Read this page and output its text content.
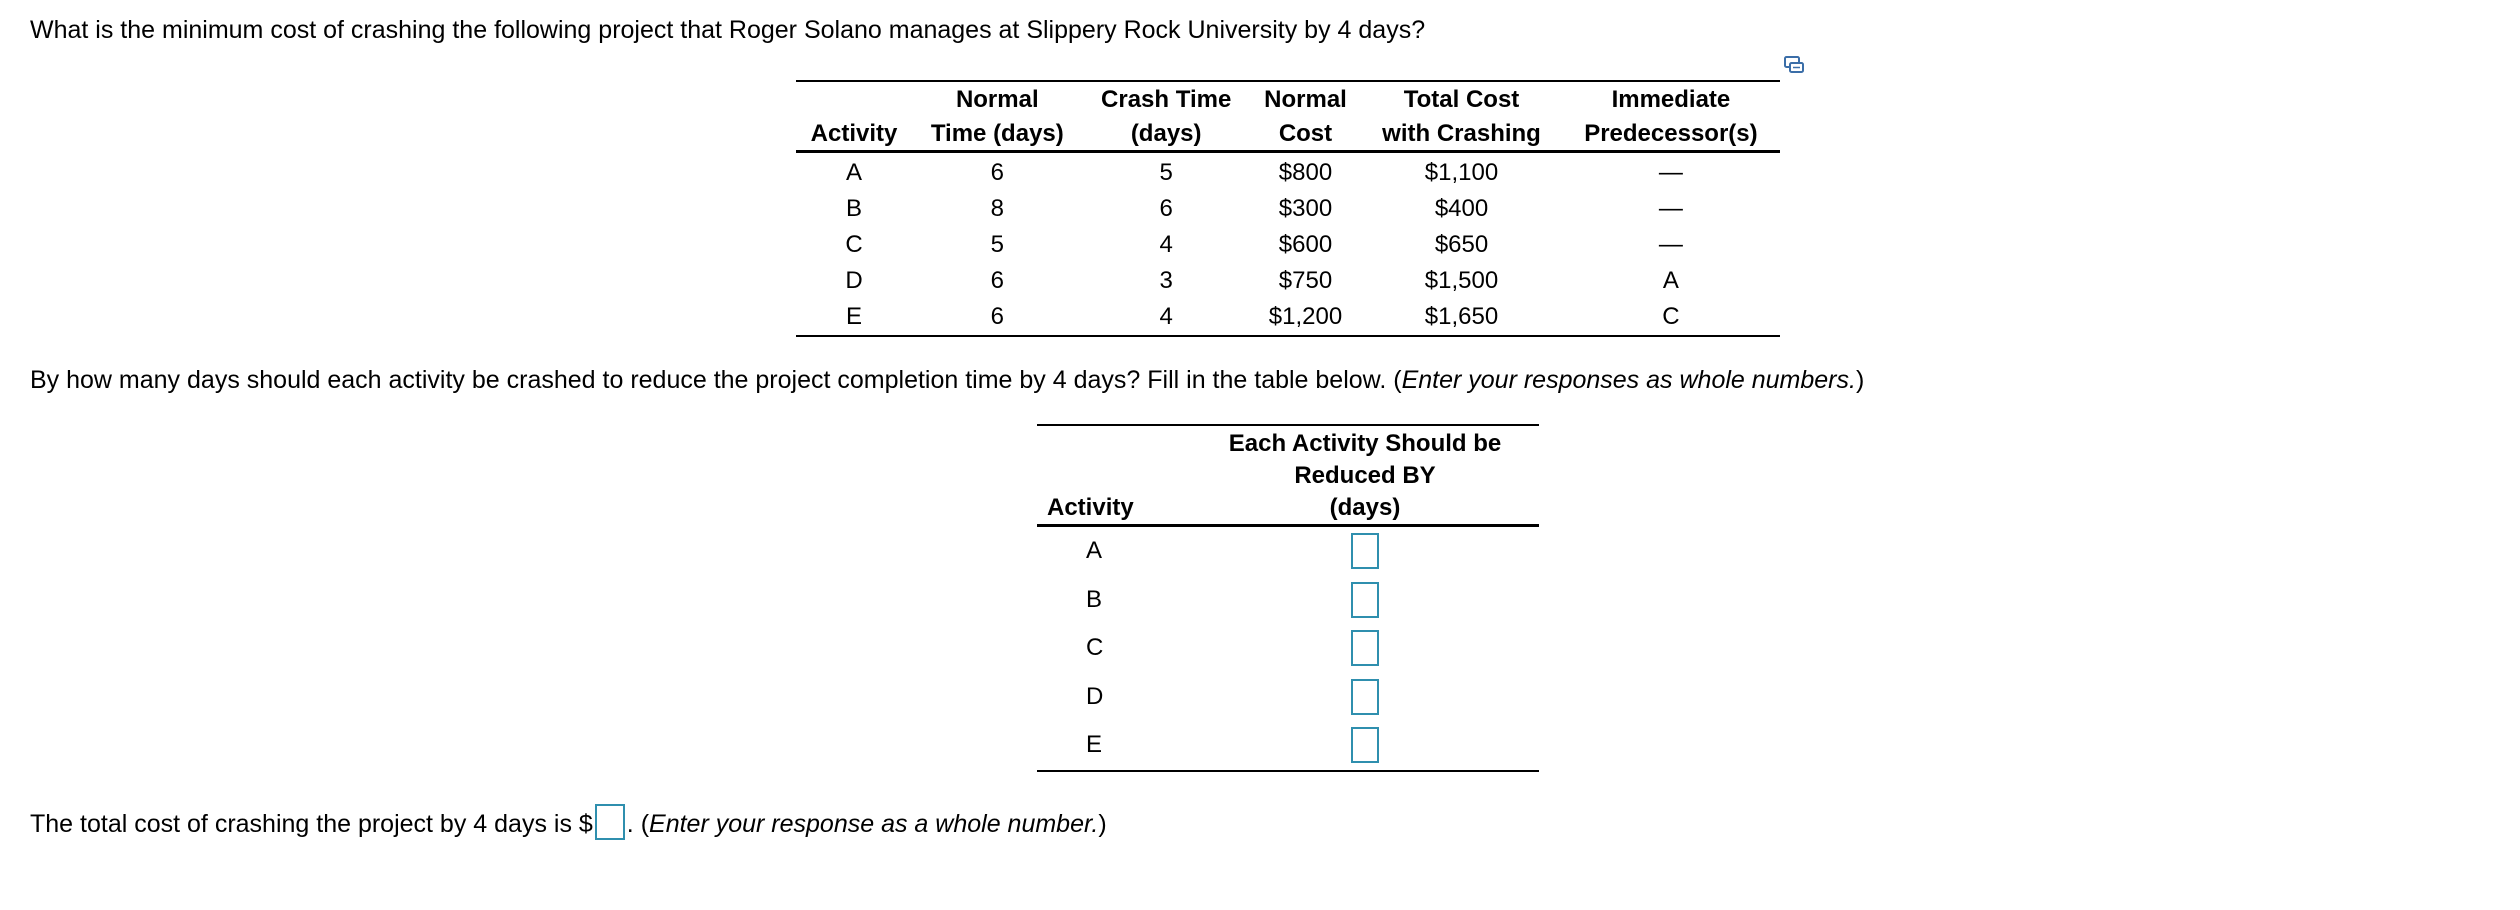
What is the minimum cost of crashing the following project that Roger Solano manages at Slippery Rock University by 4 days?
	Normal	Crash Time	Normal	Total Cost	Immediate
Activity	Time (days)	(days)	Cost	with Crashing	Predecessor(s)
A	6	5	$800	$1,100	—
B	8	6	$300	$400	—
C	5	4	$600	$650	—
D	6	3	$750	$1,500	A
E	6	4	$1,200	$1,650	C
By how many days should each activity be crashed to reduce the project completion time by 4 days? Fill in the table below. (Enter your responses as whole numbers.)
Activity	Each Activity Should be
Reduced BY
(days)
A	
B	
C	
D	
E	
The total cost of crashing the project by 4 days is $ . (Enter your response as a whole number.)
